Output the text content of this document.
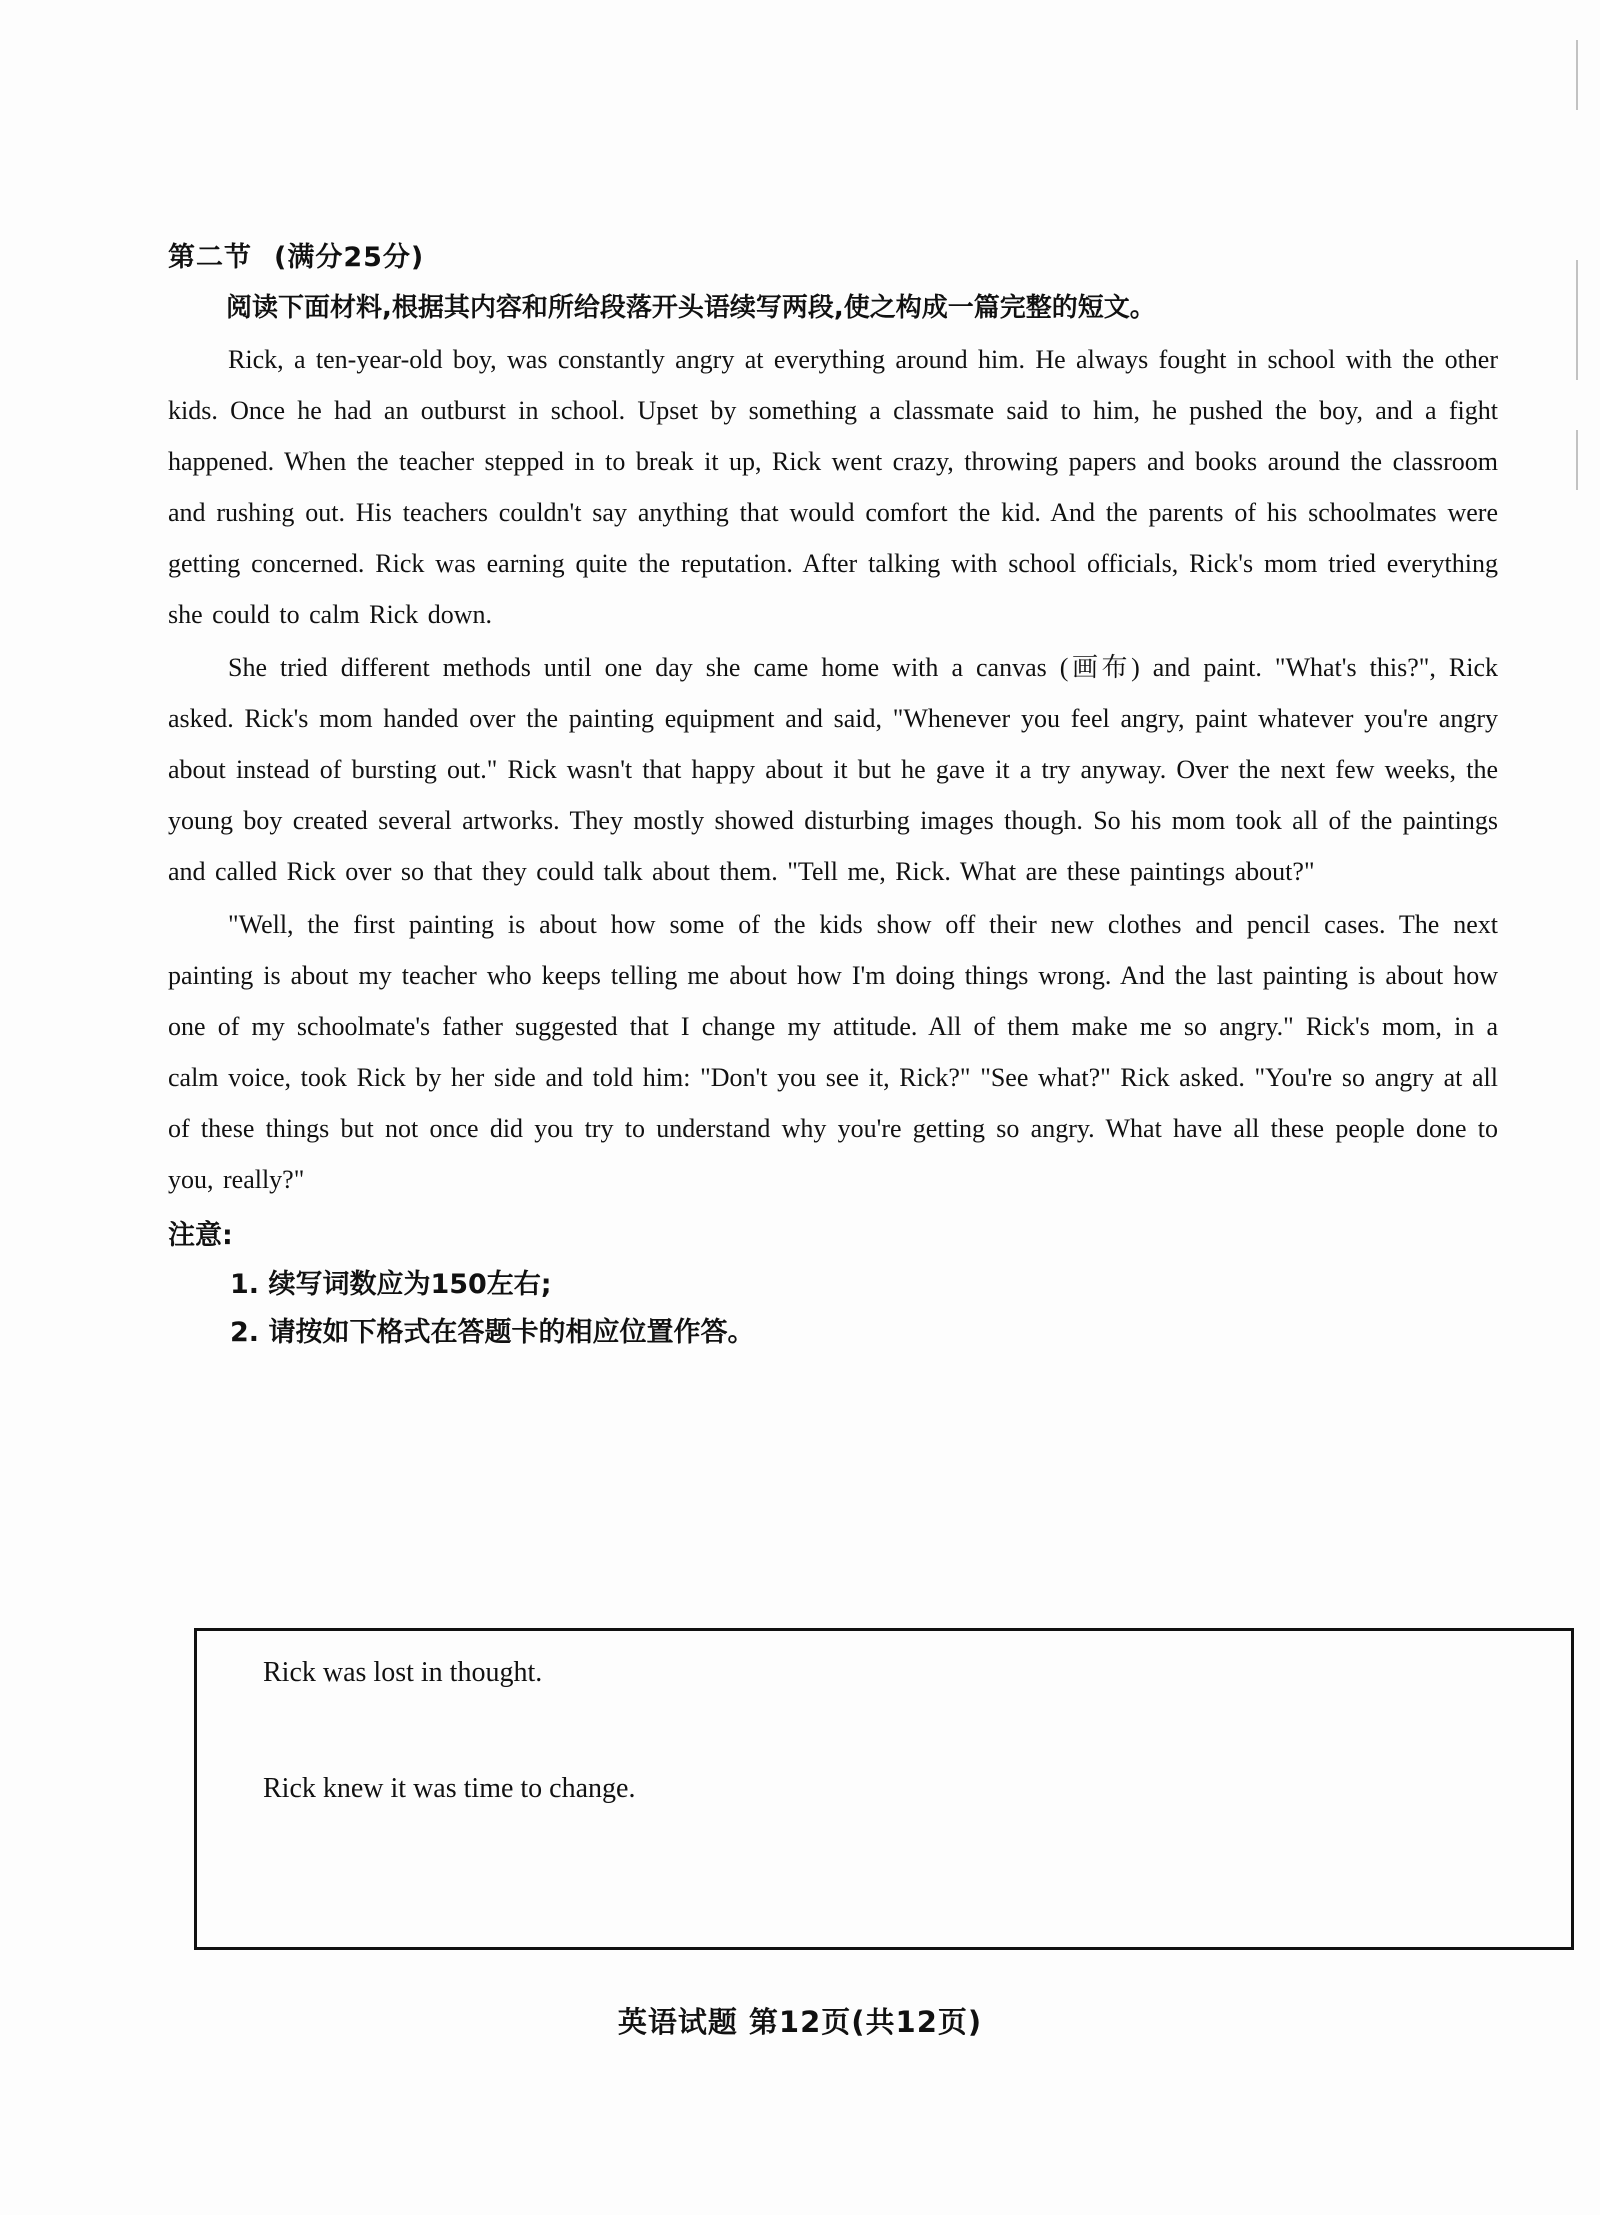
第二节 (满分25分)
阅读下面材料,根据其内容和所给段落开头语续写两段,使之构成一篇完整的短文。

Rick, a ten-year-old boy, was constantly angry at everything around him. He always fought in school with the other kids. Once he had an outburst in school. Upset by something a classmate said to him, he pushed the boy, and a fight happened. When the teacher stepped in to break it up, Rick went crazy, throwing papers and books around the classroom and rushing out. His teachers couldn't say anything that would comfort the kid. And the parents of his schoolmates were getting concerned. Rick was earning quite the reputation. After talking with school officials, Rick's mom tried everything she could to calm Rick down.

She tried different methods until one day she came home with a canvas (画布) and paint. "What's this?", Rick asked. Rick's mom handed over the painting equipment and said, "Whenever you feel angry, paint whatever you're angry about instead of bursting out." Rick wasn't that happy about it but he gave it a try anyway. Over the next few weeks, the young boy created several artworks. They mostly showed disturbing images though. So his mom took all of the paintings and called Rick over so that they could talk about them. "Tell me, Rick. What are these paintings about?"

"Well, the first painting is about how some of the kids show off their new clothes and pencil cases. The next painting is about my teacher who keeps telling me about how I'm doing things wrong. And the last painting is about how one of my schoolmate's father suggested that I change my attitude. All of them make me so angry." Rick's mom, in a calm voice, took Rick by her side and told him: "Don't you see it, Rick?" "See what?" Rick asked. "You're so angry at all of these things but not once did you try to understand why you're getting so angry. What have all these people done to you, really?"

注意:

1. 续写词数应为150左右;

2. 请按如下格式在答题卡的相应位置作答。

Rick was lost in thought.

Rick knew it was time to change.

英语试题 第12页(共12页)
